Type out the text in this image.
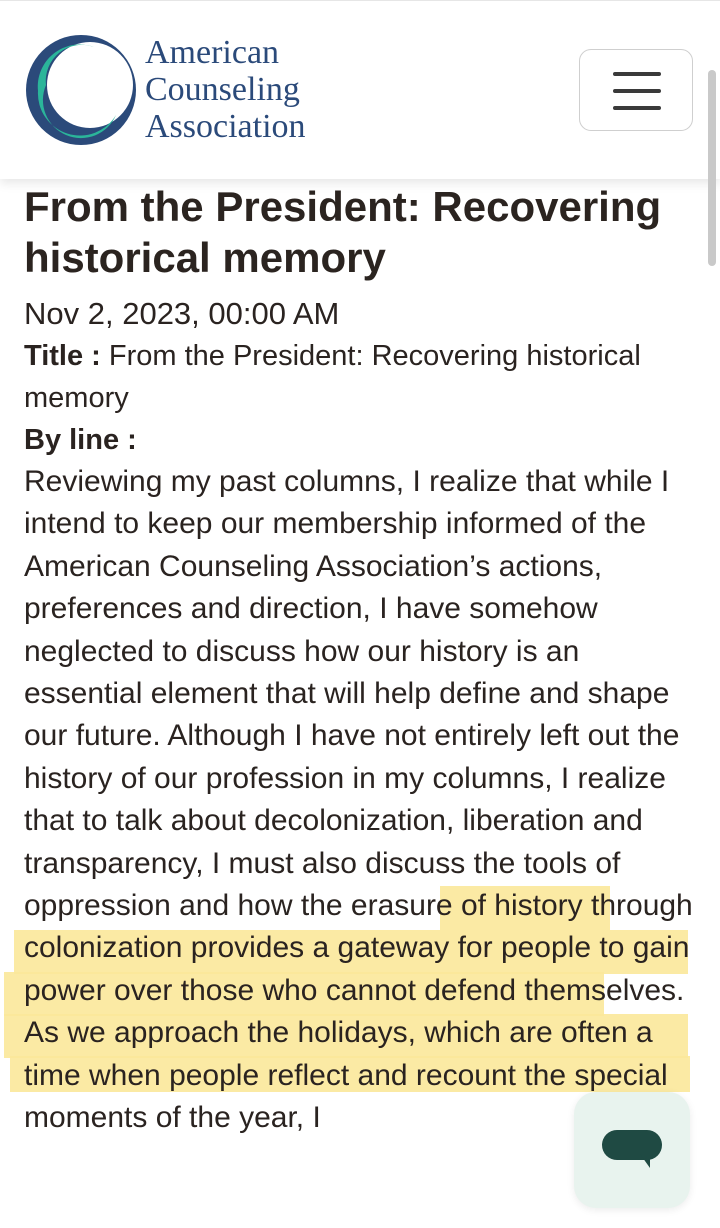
American
Counseling
Association
From the President: Recovering historical memory
Nov 2, 2023, 00:00 AM
Title : From the President: Recovering historical memory
By line :
Reviewing my past columns, I realize that while I intend to keep our membership informed of the American Counseling Association’s actions, preferences and direction, I have somehow neglected to discuss how our history is an essential element that will help define and shape our future. Although I have not entirely left out the history of our profession in my columns, I realize that to talk about decolonization, liberation and transparency, I must also discuss the tools of oppression and how the erasure of history through colonization provides a gateway for people to gain power over those who cannot defend themselves. As we approach the holidays, which are often a time when people reflect and recount the special moments of the year, I
